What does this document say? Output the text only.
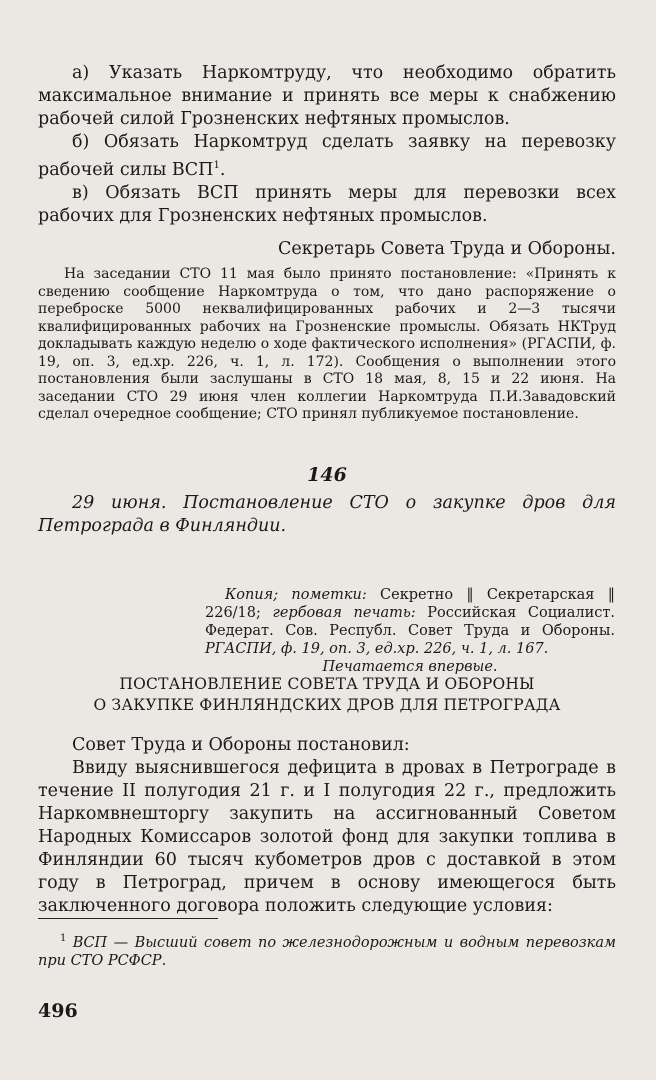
а) Указать Наркомтруду, что необходимо обратить максимальное внимание и принять все меры к снабжению рабочей силой Грозненских нефтяных промыслов.

б) Обязать Наркомтруд сделать заявку на перевозку рабочей силы ВСП$^1$.

в) Обязать ВСП принять меры для перевозки всех рабочих для Грозненских нефтяных промыслов.

Секретарь Совета Труда и Обороны.

На заседании СТО 11 мая было принято постановление: «Принять к сведению сообщение Наркомтруда о том, что дано распоряжение о переброске 5000 неквалифицированных рабочих и 2—3 тысячи квалифицированных рабочих на Грозненские промыслы. Обязать НКТруд докладывать каждую неделю о ходе фактического исполнения» (РГАСПИ, ф. 19, оп. 3, ед.хр. 226, ч. 1, л. 172). Сообщения о выполнении этого постановления были заслушаны в СТО 18 мая, 8, 15 и 22 июня. На заседании СТО 29 июня член коллегии Наркомтруда П.И.Завадовский сделал очередное сообщение; СТО принял публикуемое постановление.

146

29 июня. Постановление СТО о закупке дров для Петрограда в Финляндии.

Копия; пометки: Секретно ‖ Секретарская ‖ 226/18; гербовая печать: Российская Социалист. Федерат. Сов. Республ. Совет Труда и Обороны. РГАСПИ, ф. 19, оп. 3, ед.хр. 226, ч. 1, л. 167.

Печатается впервые.

ПОСТАНОВЛЕНИЕ СОВЕТА ТРУДА И ОБОРОНЫ

О ЗАКУПКЕ ФИНЛЯНДСКИХ ДРОВ ДЛЯ ПЕТРОГРАДА

Совет Труда и Обороны постановил:

Ввиду выяснившегося дефицита в дровах в Петрограде в течение II полугодия 21 г. и I полугодия 22 г., предложить Наркомвнешторгу закупить на ассигнованный Советом Народных Комиссаров золотой фонд для закупки топлива в Финляндии 60 тысяч кубометров дров с доставкой в этом году в Петроград, причем в основу имеющегося быть заключенного договора положить следующие условия:

$^1$ ВСП — Высший совет по железнодорожным и водным перевозкам при СТО РСФСР.

496
